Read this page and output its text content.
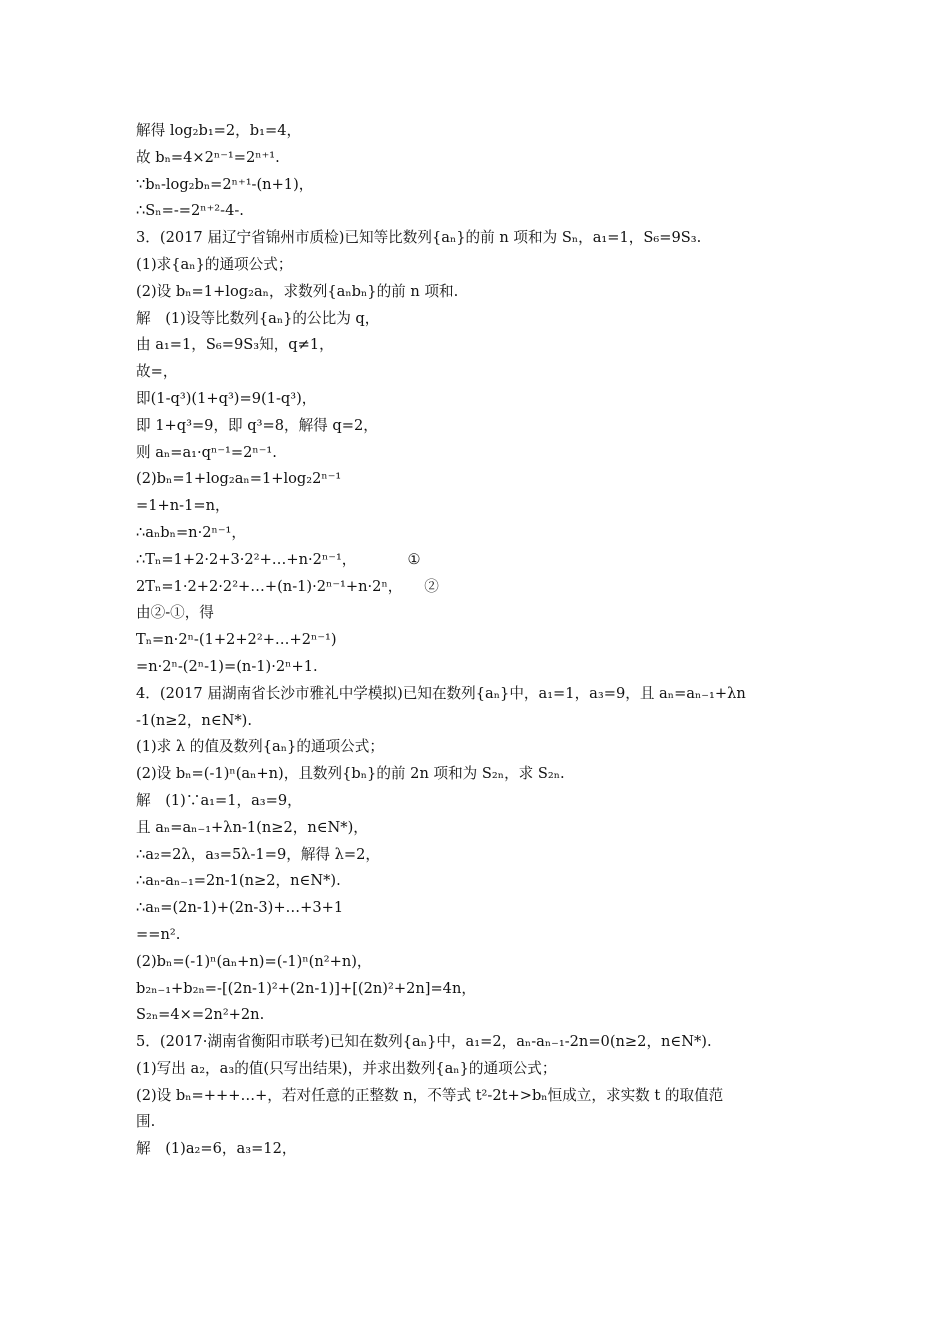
解得 log₂b₁=2，b₁=4，
故 bₙ=4×2ⁿ⁻¹=2ⁿ⁺¹.
∵bₙ-log₂bₙ=2ⁿ⁺¹-(n+1)，
∴Sₙ=-=2ⁿ⁺²-4-.
3．(2017 届辽宁省锦州市质检)已知等比数列{aₙ}的前 n 项和为 Sₙ，a₁=1，S₆=9S₃.
(1)求{aₙ}的通项公式；
(2)设 bₙ=1+log₂aₙ，求数列{aₙbₙ}的前 n 项和.
解　(1)设等比数列{aₙ}的公比为 q，
由 a₁=1，S₆=9S₃知，q≠1，
故=，
即(1-q³)(1+q³)=9(1-q³)，
即 1+q³=9，即 q³=8，解得 q=2，
则 aₙ=a₁·qⁿ⁻¹=2ⁿ⁻¹.
(2)bₙ=1+log₂aₙ=1+log₂2ⁿ⁻¹
=1+n-1=n，
∴aₙbₙ=n·2ⁿ⁻¹，
∴Tₙ=1+2·2+3·2²+…+n·2ⁿ⁻¹，　　　　①
2Tₙ=1·2+2·2²+…+(n-1)·2ⁿ⁻¹+n·2ⁿ，　　②
由②-①，得
Tₙ=n·2ⁿ-(1+2+2²+…+2ⁿ⁻¹)
=n·2ⁿ-(2ⁿ-1)=(n-1)·2ⁿ+1.
4．(2017 届湖南省长沙市雅礼中学模拟)已知在数列{aₙ}中，a₁=1，a₃=9，且 aₙ=aₙ₋₁+λn
-1(n≥2，n∈N*).
(1)求 λ 的值及数列{aₙ}的通项公式；
(2)设 bₙ=(-1)ⁿ(aₙ+n)，且数列{bₙ}的前 2n 项和为 S₂ₙ，求 S₂ₙ.
解　(1)∵a₁=1，a₃=9，
且 aₙ=aₙ₋₁+λn-1(n≥2，n∈N*)，
∴a₂=2λ，a₃=5λ-1=9，解得 λ=2，
∴aₙ-aₙ₋₁=2n-1(n≥2，n∈N*).
∴aₙ=(2n-1)+(2n-3)+…+3+1
==n².
(2)bₙ=(-1)ⁿ(aₙ+n)=(-1)ⁿ(n²+n)，
b₂ₙ₋₁+b₂ₙ=-[(2n-1)²+(2n-1)]+[(2n)²+2n]=4n，
S₂ₙ=4×=2n²+2n.
5．(2017·湖南省衡阳市联考)已知在数列{aₙ}中，a₁=2，aₙ-aₙ₋₁-2n=0(n≥2，n∈N*).
(1)写出 a₂，a₃的值(只写出结果)，并求出数列{aₙ}的通项公式；
(2)设 bₙ=+++…+，若对任意的正整数 n，不等式 t²-2t+>bₙ恒成立，求实数 t 的取值范
围.
解　(1)a₂=6，a₃=12，
